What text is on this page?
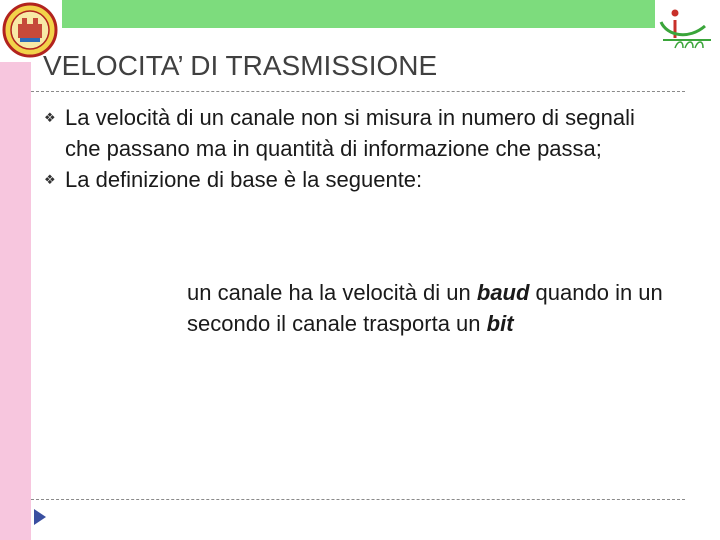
VELOCITA’ DI TRASMISSIONE
❖ La velocità di un canale non si misura in numero di segnali che passano ma in quantità di informazione che passa;
❖ La definizione di base è la seguente:

un canale ha la velocità di un baud quando in un secondo il canale trasporta un bit
